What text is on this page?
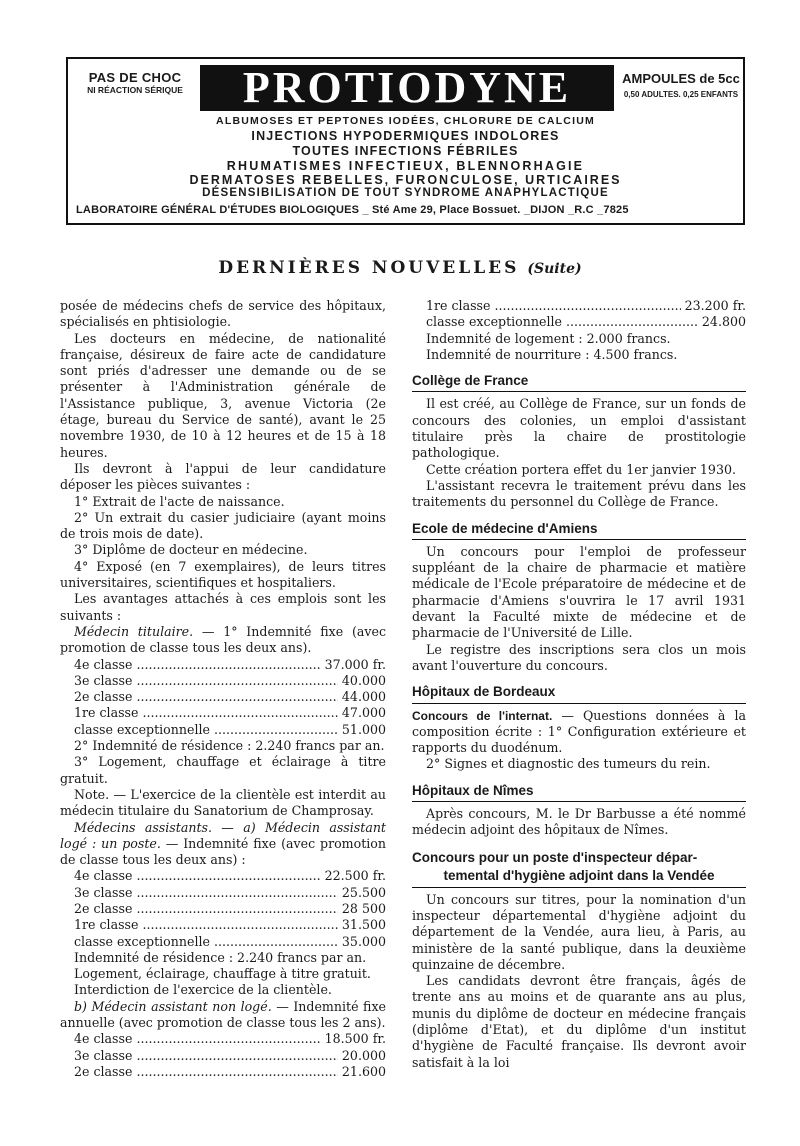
PAS DE CHOC
NI RÉACTION SÉRIQUE	PROTIODYNE	AMPOULES de 5cc
0,50 ADULTES. 0,25 ENFANTS
ALBUMOSES ET PEPTONES IODÉES, CHLORURE DE CALCIUM
INJECTIONS HYPODERMIQUES INDOLORES
TOUTES INFECTIONS FÉBRILES
RHUMATISMES INFECTIEUX, BLENNORHAGIE
DERMATOSES REBELLES, FURONCULOSE, URTICAIRES
DÉSENSIBILISATION DE TOUT SYNDROME ANAPHYLACTIQUE
LABORATOIRE GÉNÉRAL D'ÉTUDES BIOLOGIQUES _ Sté Ame 29, Place Bossuet. _DIJON _R.C _7825
DERNIÈRES NOUVELLES (Suite)

posée de médecins chefs de service des hôpitaux, spécialisés en phtisiologie.

Les docteurs en médecine, de nationalité française, désireux de faire acte de candidature sont priés d'adresser une demande ou de se présenter à l'Administration générale de l'Assistance publique, 3, avenue Victoria (2e étage, bureau du Service de santé), avant le 25 novembre 1930, de 10 à 12 heures et de 15 à 18 heures.

Ils devront à l'appui de leur candidature déposer les pièces suivantes :

1° Extrait de l'acte de naissance.

2° Un extrait du casier judiciaire (ayant moins de trois mois de date).

3° Diplôme de docteur en médecine.

4° Exposé (en 7 exemplaires), de leurs titres universitaires, scientifiques et hospitaliers.

Les avantages attachés à ces emplois sont les suivants :

Médecin titulaire. — 1° Indemnité fixe (avec promotion de classe tous les deux ans).

4e classe .....	37.000 fr.
3e classe .....	40.000
2e classe .....	44.000
1re classe .....	47.000
classe exceptionnelle .....	51.000

2° Indemnité de résidence : 2.240 francs par an.

3° Logement, chauffage et éclairage à titre gratuit.

Note. — L'exercice de la clientèle est interdit au médecin titulaire du Sanatorium de Champrosay.

Médecins assistants. — a) Médecin assistant logé : un poste. — Indemnité fixe (avec promotion de classe tous les deux ans) :

4e classe .....	22.500 fr.
3e classe .....	25.500
2e classe .....	28 500
1re classe .....	31.500
classe exceptionnelle .....	35.000

Indemnité de résidence : 2.240 francs par an.

Logement, éclairage, chauffage à titre gratuit.

Interdiction de l'exercice de la clientèle.

b) Médecin assistant non logé. — Indemnité fixe annuelle (avec promotion de classe tous les 2 ans).

4e classe .....	18.500 fr.
3e classe .....	20.000
2e classe .....	21.600
1re classe .....	23.200 fr.
classe exceptionnelle .....	24.800

Indemnité de logement : 2.000 francs.

Indemnité de nourriture : 4.500 francs.

Collège de France

Il est créé, au Collège de France, sur un fonds de concours des colonies, un emploi d'assistant titulaire près la chaire de prostitologie pathologique.

Cette création portera effet du 1er janvier 1930.

L'assistant recevra le traitement prévu dans les traitements du personnel du Collège de France.

Ecole de médecine d'Amiens

Un concours pour l'emploi de professeur suppléant de la chaire de pharmacie et matière médicale de l'Ecole préparatoire de médecine et de pharmacie d'Amiens s'ouvrira le 17 avril 1931 devant la Faculté mixte de médecine et de pharmacie de l'Université de Lille.

Le registre des inscriptions sera clos un mois avant l'ouverture du concours.

Hôpitaux de Bordeaux

Concours de l'internat. — Questions données à la composition écrite : 1° Configuration extérieure et rapports du duodénum.

2° Signes et diagnostic des tumeurs du rein.

Hôpitaux de Nîmes

Après concours, M. le Dr Barbusse a été nommé médecin adjoint des hôpitaux de Nîmes.

Concours pour un poste d'inspecteur dépar-
temental d'hygiène adjoint dans la Vendée

Un concours sur titres, pour la nomination d'un inspecteur départemental d'hygiène adjoint du département de la Vendée, aura lieu, à Paris, au ministère de la santé publique, dans la deuxième quinzaine de décembre.

Les candidats devront être français, âgés de trente ans au moins et de quarante ans au plus, munis du diplôme de docteur en médecine français (diplôme d'Etat), et du diplôme d'un institut d'hygiène de Faculté française. Ils devront avoir satisfait à la loi
